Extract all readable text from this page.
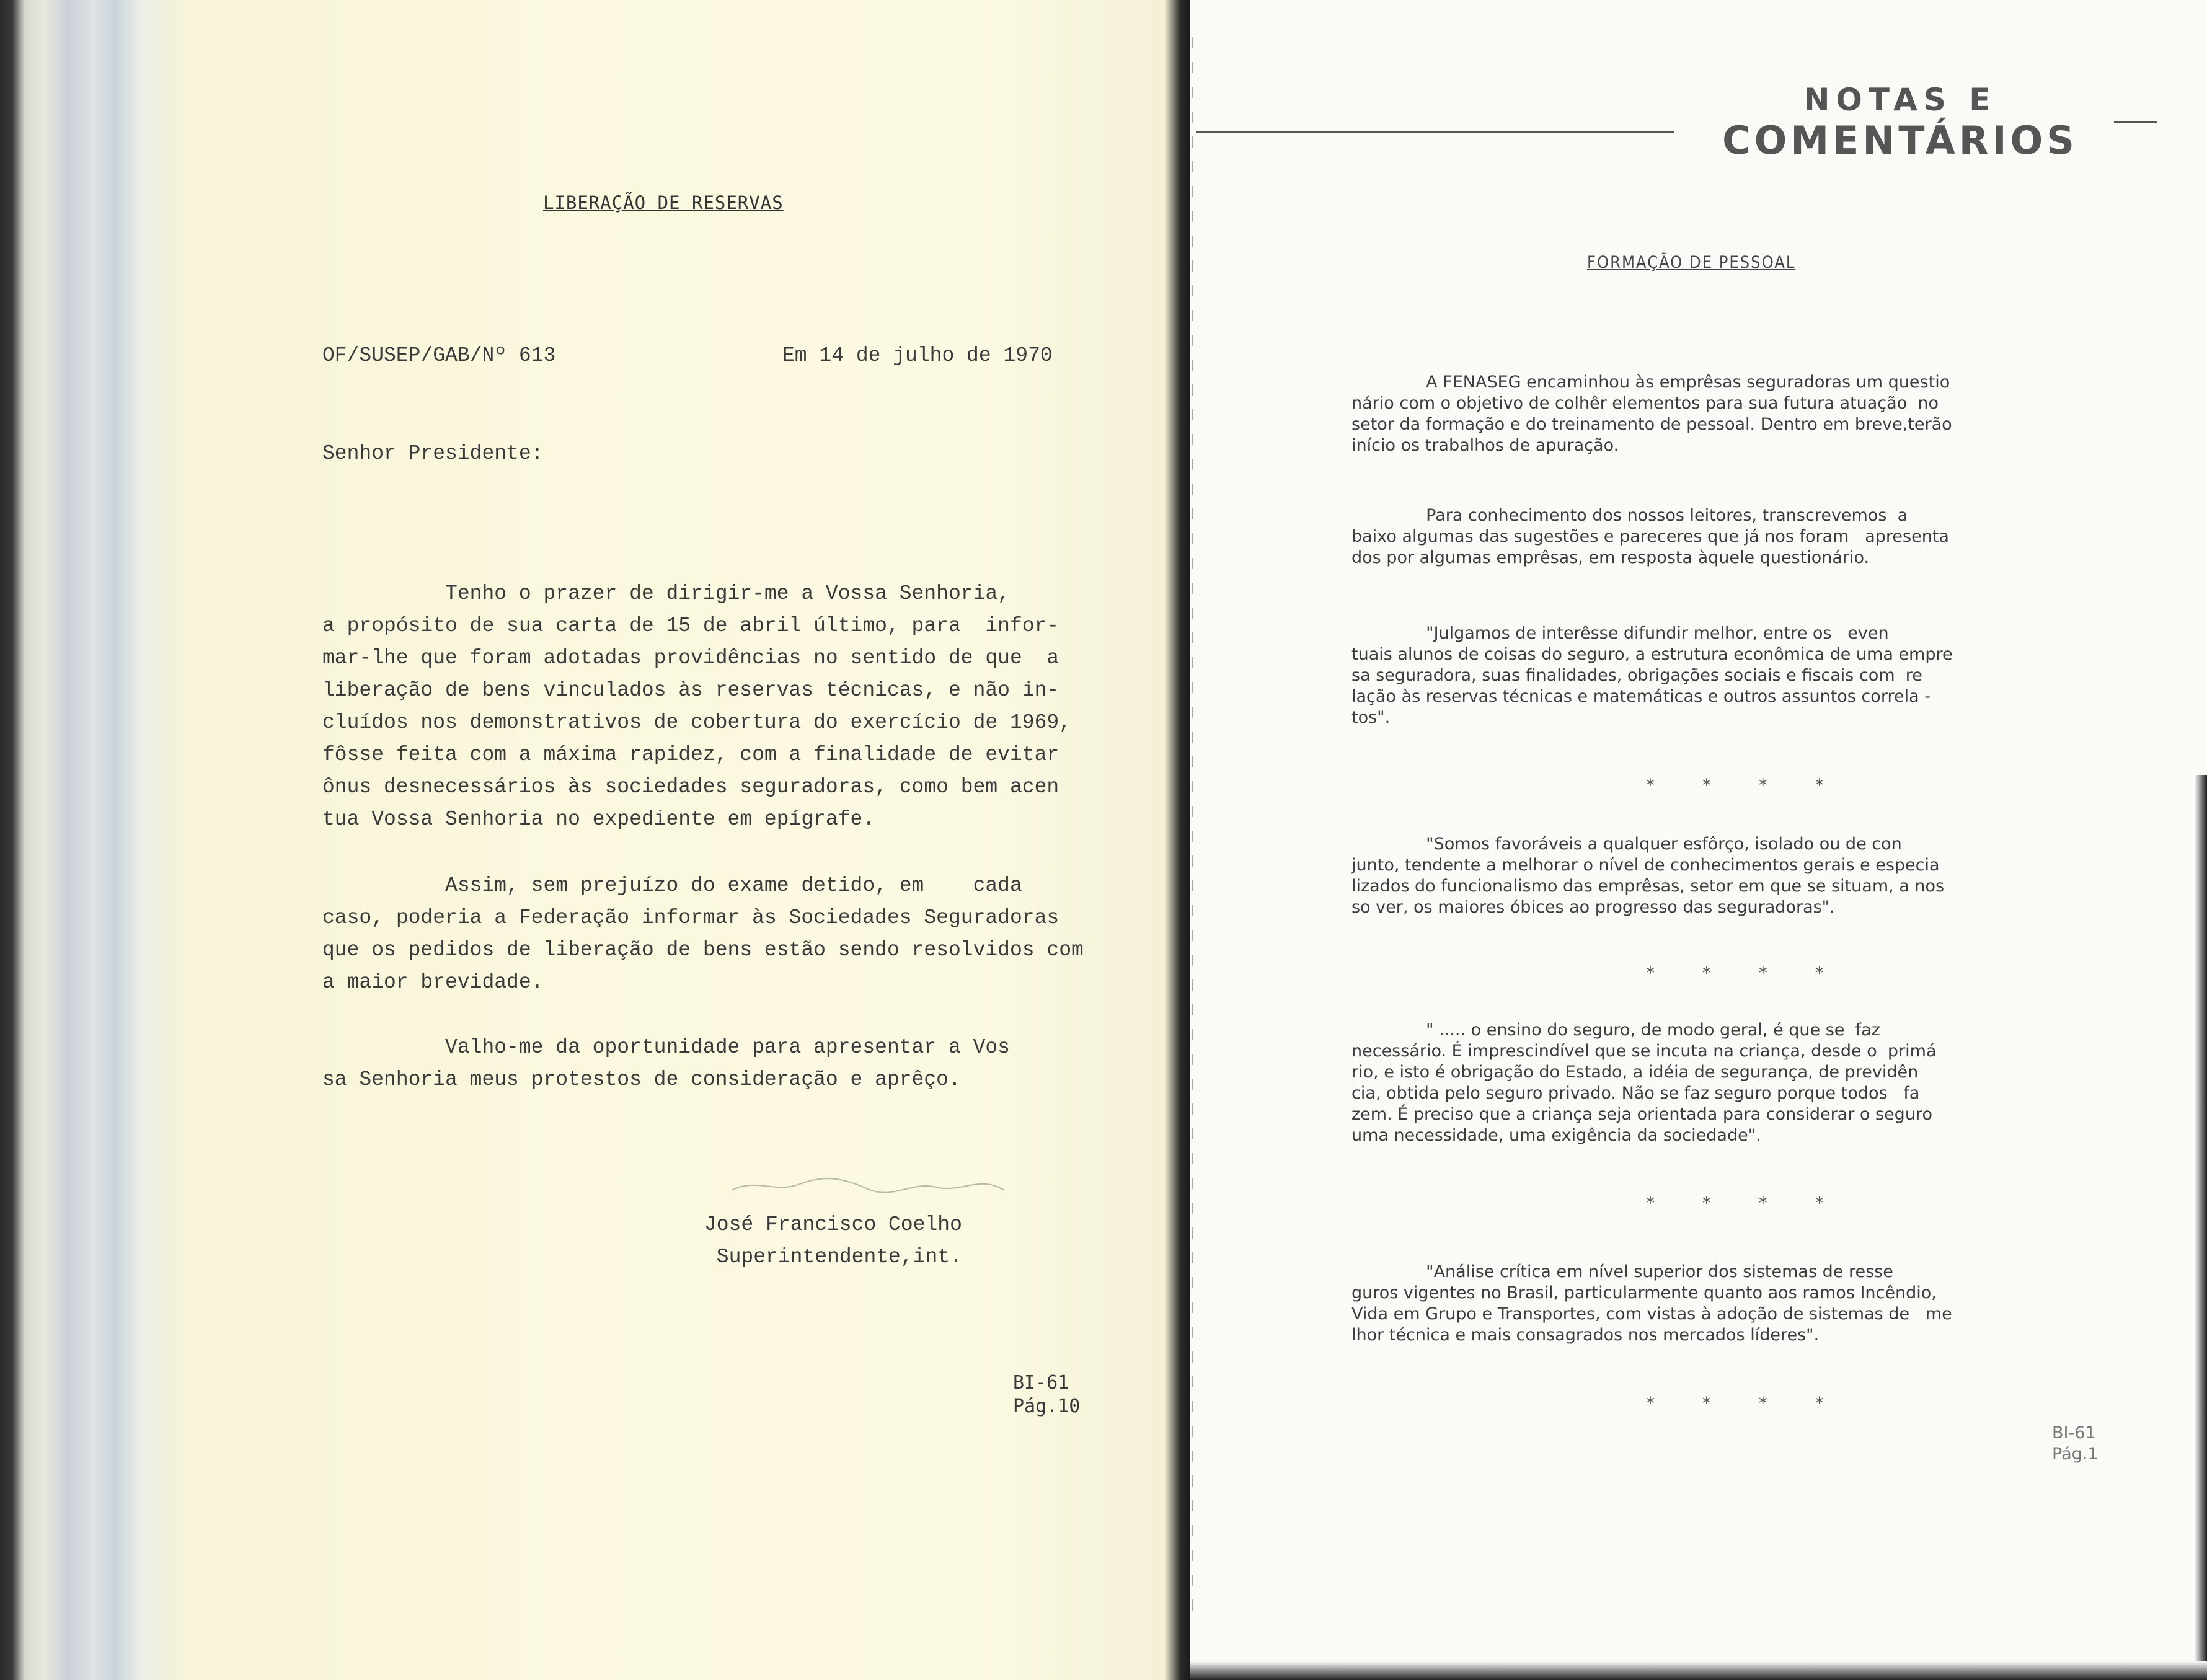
LIBERAÇÃO DE RESERVAS
OF/SUSEP/GAB/Nº 613	Em 14 de julho de 1970
Senhor Presidente:
Tenho o prazer de dirigir-me a Vossa Senhoria,
a propósito de sua carta de 15 de abril último, para  infor-
mar-lhe que foram adotadas providências no sentido de que  a
liberação de bens vinculados às reservas técnicas, e não in-
cluídos nos demonstrativos de cobertura do exercício de 1969,
fôsse feita com a máxima rapidez, com a finalidade de evitar
ônus desnecessários às sociedades seguradoras, como bem acen
tua Vossa Senhoria no expediente em epígrafe.
Assim, sem prejuízo do exame detido, em    cada
caso, poderia a Federação informar às Sociedades Seguradoras
que os pedidos de liberação de bens estão sendo resolvidos com
a maior brevidade.
Valho-me da oportunidade para apresentar a Vos
sa Senhoria meus protestos de consideração e aprêço.
José Francisco Coelho
Superintendente,int.
BI-61
Pág.10
NOTAS E
COMENTÁRIOS
FORMAÇÃO DE PESSOAL
A FENASEG encaminhou às emprêsas seguradoras um questio
nário com o objetivo de colhêr elementos para sua futura atuação  no
setor da formação e do treinamento de pessoal. Dentro em breve,terão
início os trabalhos de apuração.
Para conhecimento dos nossos leitores, transcrevemos  a
baixo algumas das sugestões e pareceres que já nos foram   apresenta
dos por algumas emprêsas, em resposta àquele questionário.
"Julgamos de interêsse difundir melhor, entre os   even
tuais alunos de coisas do seguro, a estrutura econômica de uma empre
sa seguradora, suas finalidades, obrigações sociais e fiscais com  re
lação às reservas técnicas e matemáticas e outros assuntos correla -
tos".
* * * *
"Somos favoráveis a qualquer esfôrço, isolado ou de con
junto, tendente a melhorar o nível de conhecimentos gerais e especia
lizados do funcionalismo das emprêsas, setor em que se situam, a nos
so ver, os maiores óbices ao progresso das seguradoras".
* * * *
" ..... o ensino do seguro, de modo geral, é que se  faz
necessário. É imprescindível que se incuta na criança, desde o  primá
rio, e isto é obrigação do Estado, a idéia de segurança, de previdên
cia, obtida pelo seguro privado. Não se faz seguro porque todos   fa
zem. É preciso que a criança seja orientada para considerar o seguro
uma necessidade, uma exigência da sociedade".
* * * *
"Análise crítica em nível superior dos sistemas de resse
guros vigentes no Brasil, particularmente quanto aos ramos Incêndio,
Vida em Grupo e Transportes, com vistas à adoção de sistemas de   me
lhor técnica e mais consagrados nos mercados líderes".
* * * *
BI-61
Pág.1
